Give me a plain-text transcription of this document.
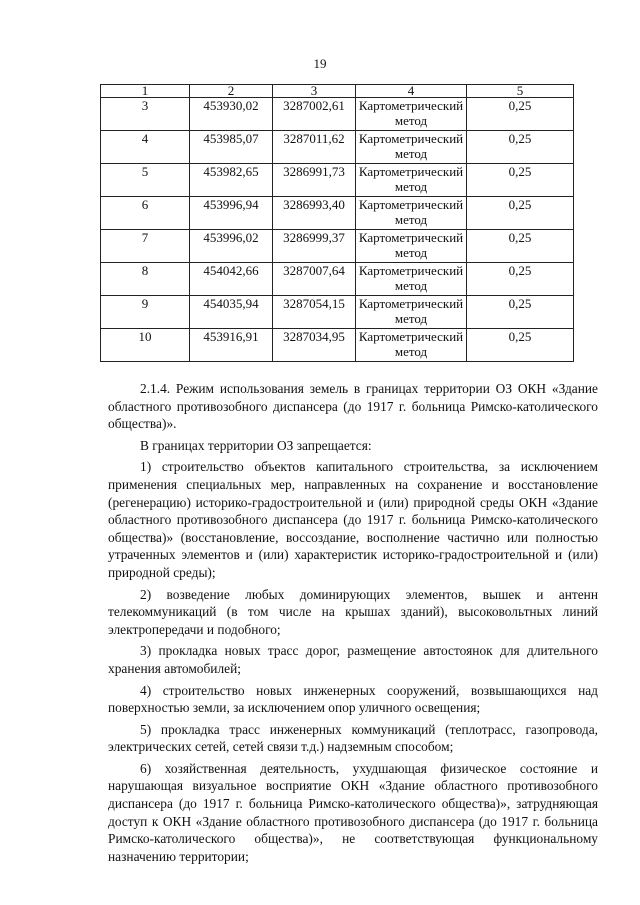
19
1	2	3	4	5
3	453930,02	3287002,61	Картометрический метод	0,25
4	453985,07	3287011,62	Картометрический метод	0,25
5	453982,65	3286991,73	Картометрический метод	0,25
6	453996,94	3286993,40	Картометрический метод	0,25
7	453996,02	3286999,37	Картометрический метод	0,25
8	454042,66	3287007,64	Картометрический метод	0,25
9	454035,94	3287054,15	Картометрический метод	0,25
10	453916,91	3287034,95	Картометрический метод	0,25

2.1.4. Режим использования земель в границах территории ОЗ ОКН «Здание областного противозобного диспансера (до 1917 г. больница Римско-католического общества)».

В границах территории ОЗ запрещается:

1) строительство объектов капитального строительства, за исключением применения специальных мер, направленных на сохранение и восстановление (регенерацию) историко-градостроительной и (или) природной среды ОКН «Здание областного противозобного диспансера (до 1917 г. больница Римско-католического общества)» (восстановление, воссоздание, восполнение частично или полностью утраченных элементов и (или) характеристик историко-градостроительной и (или) природной среды);

2) возведение любых доминирующих элементов, вышек и антенн телекоммуникаций (в том числе на крышах зданий), высоковольтных линий электропередачи и подобного;

3) прокладка новых трасс дорог, размещение автостоянок для длительного хранения автомобилей;

4) строительство новых инженерных сооружений, возвышающихся над поверхностью земли, за исключением опор уличного освещения;

5) прокладка трасс инженерных коммуникаций (теплотрасс, газопровода, электрических сетей, сетей связи т.д.) надземным способом;

6) хозяйственная деятельность, ухудшающая физическое состояние и нарушающая визуальное восприятие ОКН «Здание областного противозобного диспансера (до 1917 г. больница Римско-католического общества)», затрудняющая доступ к ОКН «Здание областного противозобного диспансера (до 1917 г. больница Римско-католического общества)», не соответствующая функциональному назначению территории;
